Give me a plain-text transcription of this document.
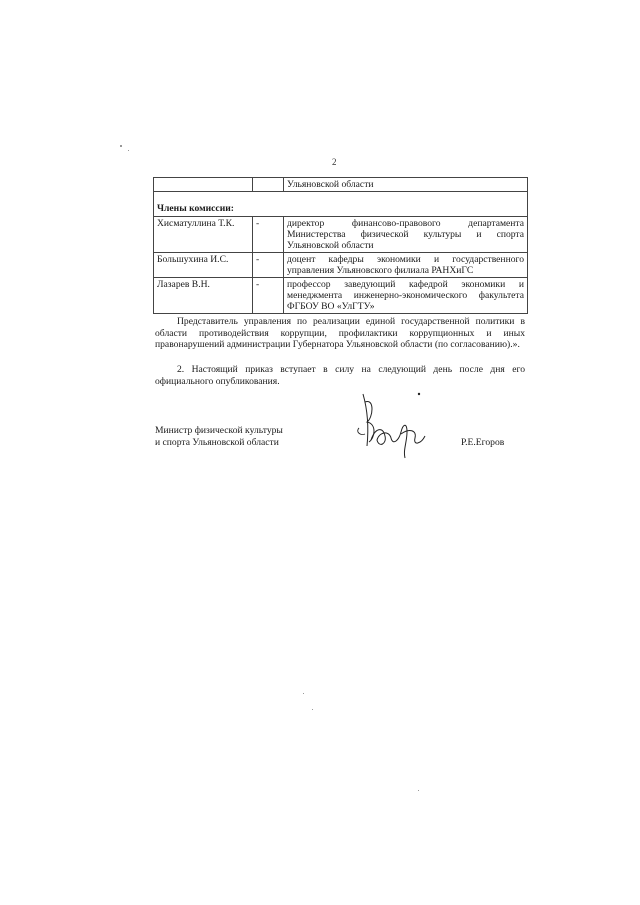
2
		Ульяновской области
Члены комиссии:		
Хисматуллина Т.К.	-	директор финансово-правового департамента Министерства физической культуры и спорта Ульяновской области
Большухина И.С.	-	доцент кафедры экономики и государственного управления Ульяновского филиала РАНХиГС
Лазарев В.Н.	-	профессор заведующий кафедрой экономики и менеджмента инженерно-экономического факультета ФГБОУ ВО «УлГТУ»

Представитель управления по реализации единой государственной политики в области противодействия коррупции, профилактики коррупционных и иных правонарушений администрации Губернатора Ульяновской области (по согласованию).».

2. Настоящий приказ вступает в силу на следующий день после дня его официального опубликования.

Министр физической культуры
и спорта Ульяновской области	Р.Е.Егоров
